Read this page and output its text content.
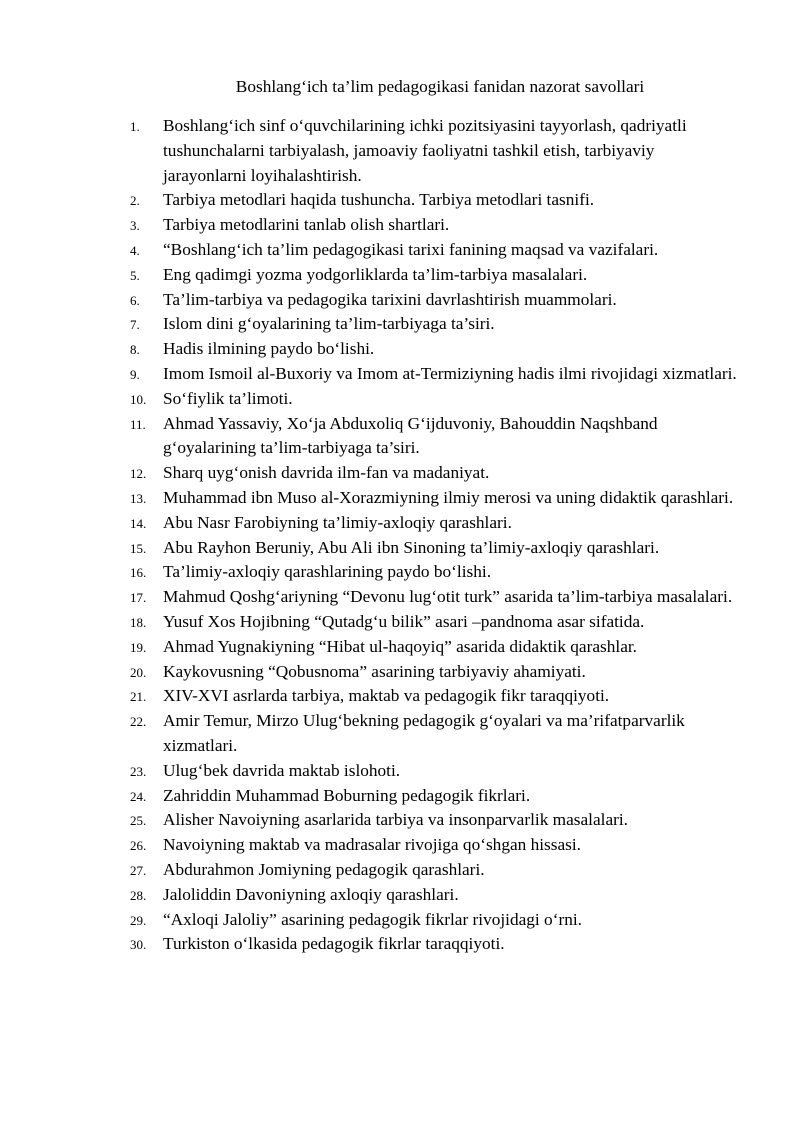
Boshlang‘ich ta’lim pedagogikasi fanidan nazorat savollari
1.	Boshlang‘ich sinf o‘quvchilarining ichki pozitsiyasini tayyorlash, qadriyatli tushunchalarni tarbiyalash, jamoaviy faoliyatni tashkil etish, tarbiyaviy jarayonlarni loyihalashtirish.
2.	Tarbiya metodlari haqida tushuncha. Tarbiya metodlari tasnifi.
3.	Tarbiya metodlarini tanlab olish shartlari.
4.	“Boshlang‘ich ta’lim pedagogikasi tarixi fanining maqsad va vazifalari.
5.	Eng qadimgi yozma yodgorliklarda ta’lim-tarbiya masalalari.
6.	Ta’lim-tarbiya va pedagogika tarixini davrlashtirish muammolari.
7.	Islom dini g‘oyalarining ta’lim-tarbiyaga ta’siri.
8.	Hadis ilmining paydo bo‘lishi.
9.	Imom Ismoil al-Buxoriy va Imom at-Termiziyning hadis ilmi rivojidagi xizmatlari.
10. So‘fiylik ta’limoti.
11. Ahmad Yassaviy, Xo‘ja Abduxoliq G‘ijduvoniy, Bahouddin Naqshband g‘oyalarining ta’lim-tarbiyaga ta’siri.
12. Sharq uyg‘onish davrida ilm-fan va madaniyat.
13. Muhammad ibn Muso al-Xorazmiyning ilmiy merosi va uning didaktik qarashlari.
14. Abu Nasr Farobiyning ta’limiy-axloqiy qarashlari.
15. Abu Rayhon Beruniy, Abu Ali ibn Sinoning ta’limiy-axloqiy qarashlari.
16. Ta’limiy-axloqiy qarashlarining paydo bo‘lishi.
17. Mahmud Qoshg‘ariyning “Devonu lug‘otit turk” asarida ta’lim-tarbiya masalalari.
18. Yusuf Xos Hojibning “Qutadg‘u bilik” asari –pandnoma asar sifatida.
19. Ahmad Yugnakiyning “Hibat ul-haqoyiq” asarida didaktik qarashlar.
20. Kaykovusning “Qobusnoma” asarining tarbiyaviy ahamiyati.
21. XIV-XVI asrlarda tarbiya, maktab va pedagogik fikr taraqqiyoti.
22. Amir Temur, Mirzo Ulug‘bekning pedagogik g‘oyalari va ma’rifatparvarlik xizmatlari.
23. Ulug‘bek davrida maktab islohoti.
24. Zahriddin Muhammad Boburning pedagogik fikrlari.
25. Alisher Navoiyning asarlarida tarbiya va insonparvarlik masalalari.
26. Navoiyning maktab va madrasalar rivojiga qo‘shgan hissasi.
27. Abdurahmon Jomiyning pedagogik qarashlari.
28. Jaloliddin Davoniyning axloqiy qarashlari.
29. “Axloqi Jaloliy” asarining pedagogik fikrlar rivojidagi o‘rni.
30. Turkiston o‘lkasida pedagogik fikrlar taraqqiyoti.
